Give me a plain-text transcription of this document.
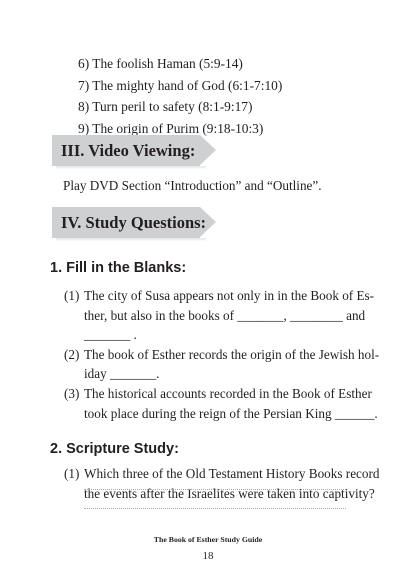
6) The foolish Haman (5:9-14)
7) The mighty hand of God (6:1-7:10)
8) Turn peril to safety (8:1-9:17)
9) The origin of Purim (9:18-10:3)
III. Video Viewing:
Play DVD Section “Introduction” and “Outline”.
IV. Study Questions:
1. Fill in the Blanks:
(1) The city of Susa appears not only in in the Book of Es-
ther, but also in the books of _______, ________ and
_______ .
(2) The book of Esther records the origin of the Jewish hol-
iday _______.
(3) The historical accounts recorded in the Book of Esther
took place during the reign of the Persian King ______.
2. Scripture Study:
(1) Which three of the Old Testament History Books record
the events after the Israelites were taken into captivity?
The Book of Esther Study Guide
18
